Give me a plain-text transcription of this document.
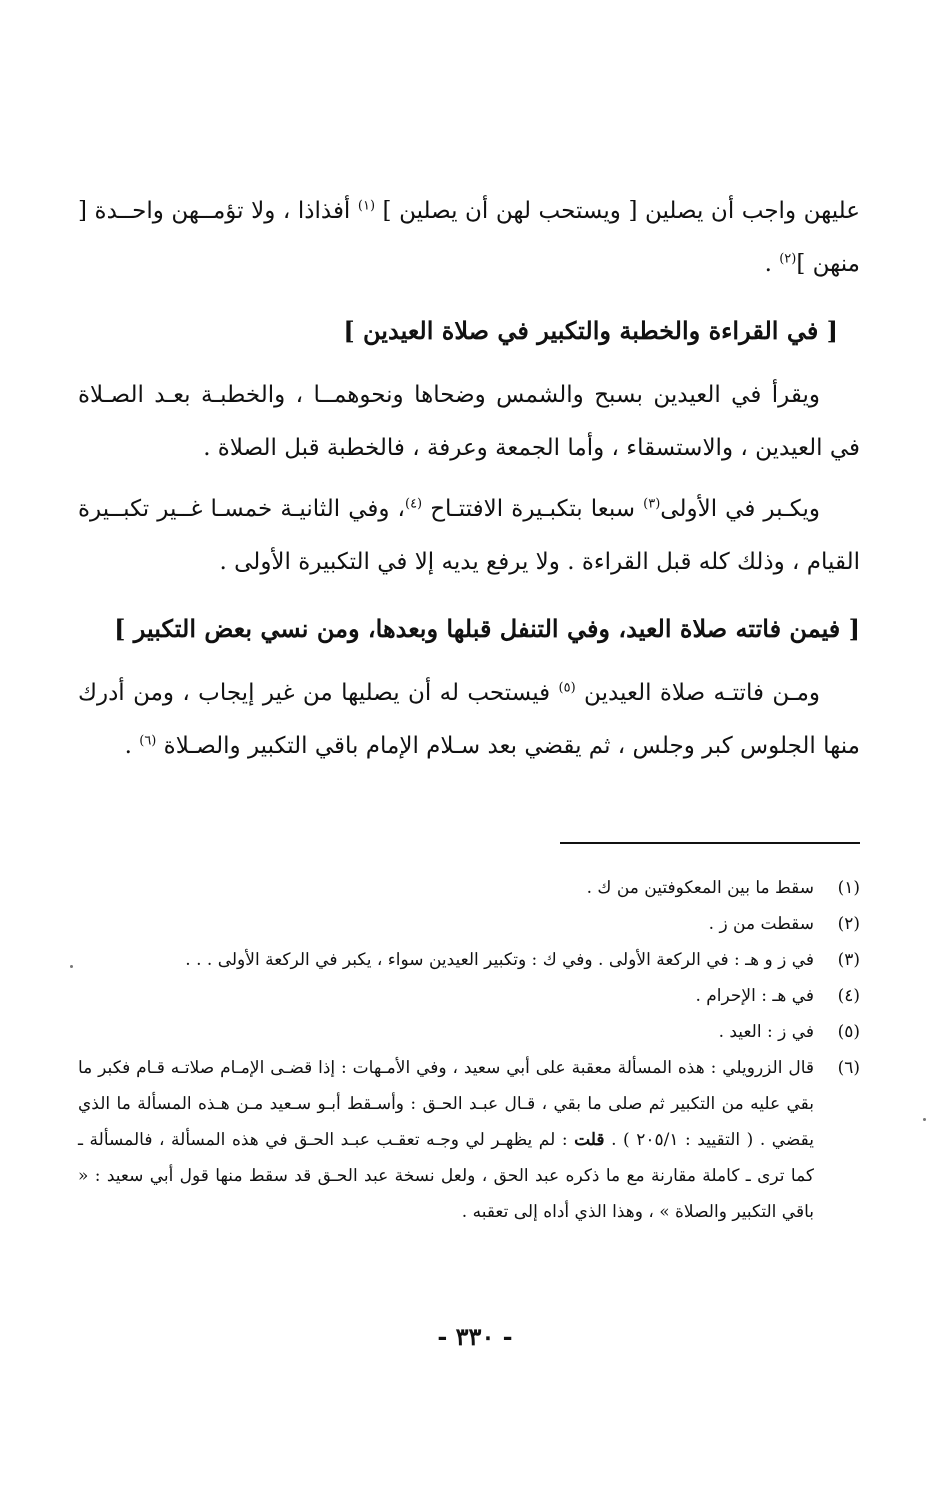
عليهن واجب أن يصلين [ ويستحب لهن أن يصلين ] $^{(١)}$ أفذاذا ، ولا تؤمــهن واحــدة [ منهن ]$^{(٢)}$ .

[ في القراءة والخطبة والتكبير في صلاة العيدين ]

ويقرأ في العيدين بسبح والشمس وضحاها ونحوهمــا ، والخطبـة بعـد الصـلاة في العيدين ، والاستسقاء ، وأما الجمعة وعرفة ، فالخطبة قبل الصلاة .

ويكـبر في الأولى$^{(٣)}$ سبعا بتكبـيرة الافتتـاح $^{(٤)}$، وفي الثانيـة خمسـا غــير تكبــيرة القيام ، وذلك كله قبل القراءة . ولا يرفع يديه إلا في التكبيرة الأولى .

[ فيمن فاتته صلاة العيد، وفي التنفل قبلها وبعدها، ومن نسي بعض التكبير ]

ومـن فاتتـه صلاة العيدين $^{(٥)}$ فيستحب له أن يصليها من غير إيجاب ، ومن أدرك منها الجلوس كبر وجلس ، ثم يقضي بعد سـلام الإمام باقي التكبير والصـلاة $^{(٦)}$ .

(١)
سقط ما بين المعكوفتين من ك .

(٢)
سقطت من ز .

(٣)
في ز و هـ : في الركعة الأولى . وفي ك : وتكبير العيدين سواء ، يكبر في الركعة الأولى . . .

(٤)
في هـ : الإحرام .

(٥)
في ز : العيد .

(٦)
قال الزرويلي : هذه المسألة معقبة على أبي سعيد ، وفي الأمـهات : إذا قضـى الإمـام صلاتـه قـام فكبر ما بقي عليه من التكبير ثم صلى ما بقي ، قـال عبـد الحـق : وأسـقط أبـو سـعيد مـن هـذه المسألة ما الذي يقضي . ( التقييد : ٢٠٥/١ ) . قلت : لم يظهـر لي وجـه تعقـب عبـد الحـق في هذه المسألة ، فالمسألة ـ كما ترى ـ كاملة مقارنة مع ما ذكره عبد الحق ، ولعل نسخة عبد الحـق قد سقط منها قول أبي سعيد : « باقي التكبير والصلاة » ، وهذا الذي أداه إلى تعقبه .

- ٣٣٠ -
